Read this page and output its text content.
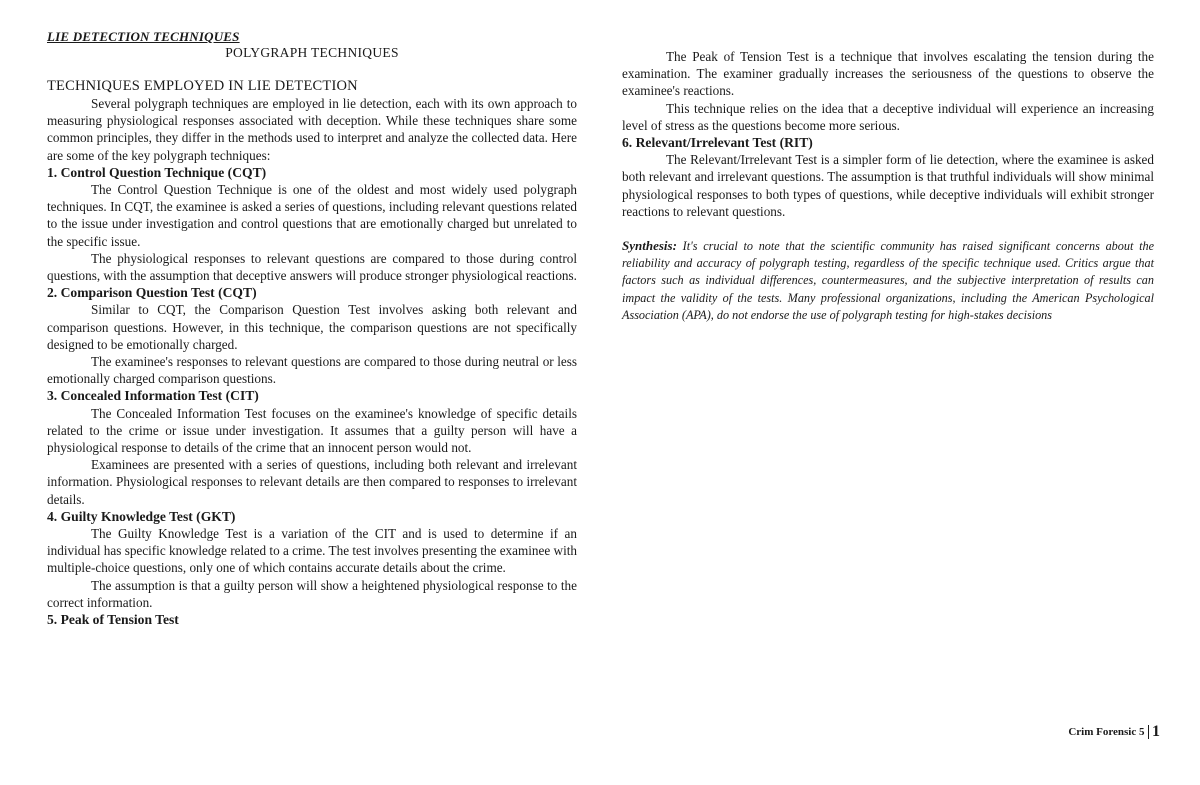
LIE DETECTION TECHNIQUES

POLYGRAPH TECHNIQUES

TECHNIQUES EMPLOYED IN LIE DETECTION

Several polygraph techniques are employed in lie detection, each with its own approach to measuring physiological responses associated with deception. While these techniques share some common principles, they differ in the methods used to interpret and analyze the collected data. Here are some of the key polygraph techniques:

1. Control Question Technique (CQT)

The Control Question Technique is one of the oldest and most widely used polygraph techniques. In CQT, the examinee is asked a series of questions, including relevant questions related to the issue under investigation and control questions that are emotionally charged but unrelated to the specific issue.

The physiological responses to relevant questions are compared to those during control questions, with the assumption that deceptive answers will produce stronger physiological reactions.

2. Comparison Question Test (CQT)

Similar to CQT, the Comparison Question Test involves asking both relevant and comparison questions. However, in this technique, the comparison questions are not specifically designed to be emotionally charged.

The examinee's responses to relevant questions are compared to those during neutral or less emotionally charged comparison questions.

3. Concealed Information Test (CIT)

The Concealed Information Test focuses on the examinee's knowledge of specific details related to the crime or issue under investigation. It assumes that a guilty person will have a physiological response to details of the crime that an innocent person would not.

Examinees are presented with a series of questions, including both relevant and irrelevant information. Physiological responses to relevant details are then compared to responses to irrelevant details.

4. Guilty Knowledge Test (GKT)

The Guilty Knowledge Test is a variation of the CIT and is used to determine if an individual has specific knowledge related to a crime. The test involves presenting the examinee with multiple-choice questions, only one of which contains accurate details about the crime.

The assumption is that a guilty person will show a heightened physiological response to the correct information.

5. Peak of Tension Test

The Peak of Tension Test is a technique that involves escalating the tension during the examination. The examiner gradually increases the seriousness of the questions to observe the examinee's reactions.

This technique relies on the idea that a deceptive individual will experience an increasing level of stress as the questions become more serious.

6. Relevant/Irrelevant Test (RIT)

The Relevant/Irrelevant Test is a simpler form of lie detection, where the examinee is asked both relevant and irrelevant questions. The assumption is that truthful individuals will show minimal physiological responses to both types of questions, while deceptive individuals will exhibit stronger reactions to relevant questions.

Synthesis: It's crucial to note that the scientific community has raised significant concerns about the reliability and accuracy of polygraph testing, regardless of the specific technique used. Critics argue that factors such as individual differences, countermeasures, and the subjective interpretation of results can impact the validity of the tests. Many professional organizations, including the American Psychological Association (APA), do not endorse the use of polygraph testing for high-stakes decisions

Crim Forensic 5 1
